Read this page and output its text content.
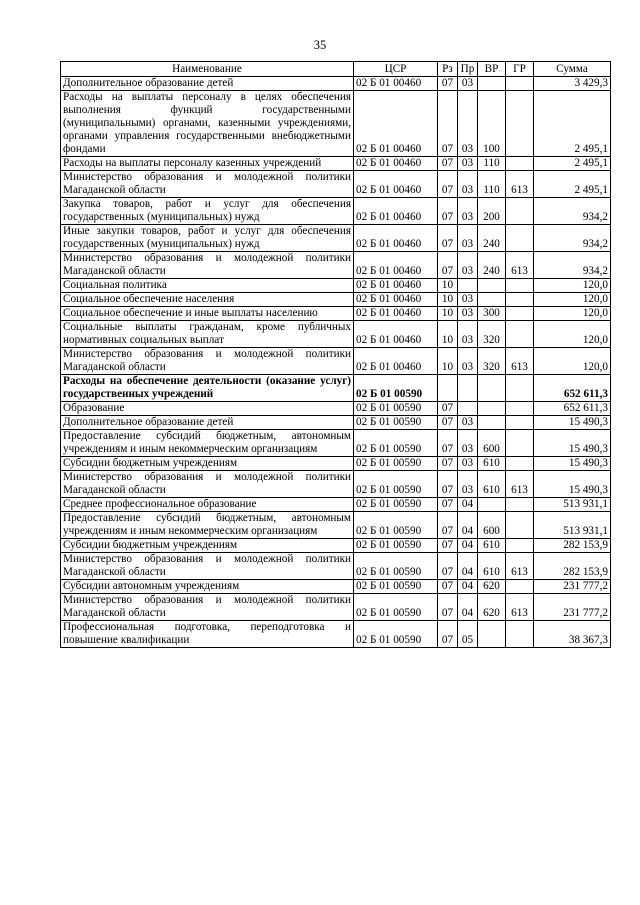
35
Наименование	ЦСР	Рз	Пр	ВР	ГР	Сумма
Дополнительное образование детей	02 Б 01 00460	07	03			3 429,3
Расходы на выплаты персоналу в целях обеспечения выполнения функций государственными (муниципальными) органами, казенными учреждениями, органами управления государственными внебюджетными фондами	02 Б 01 00460	07	03	100		2 495,1
Расходы на выплаты персоналу казенных учреждений	02 Б 01 00460	07	03	110		2 495,1
Министерство образования и молодежной политики Магаданской области	02 Б 01 00460	07	03	110	613	2 495,1
Закупка товаров, работ и услуг для обеспечения государственных (муниципальных) нужд	02 Б 01 00460	07	03	200		934,2
Иные закупки товаров, работ и услуг для обеспечения государственных (муниципальных) нужд	02 Б 01 00460	07	03	240		934,2
Министерство образования и молодежной политики Магаданской области	02 Б 01 00460	07	03	240	613	934,2
Социальная политика	02 Б 01 00460	10				120,0
Социальное обеспечение населения	02 Б 01 00460	10	03			120,0
Социальное обеспечение и иные выплаты населению	02 Б 01 00460	10	03	300		120,0
Социальные выплаты гражданам, кроме публичных нормативных социальных выплат	02 Б 01 00460	10	03	320		120,0
Министерство образования и молодежной политики Магаданской области	02 Б 01 00460	10	03	320	613	120,0
Расходы на обеспечение деятельности (оказание услуг) государственных учреждений	02 Б 01 00590					652 611,3
Образование	02 Б 01 00590	07				652 611,3
Дополнительное образование детей	02 Б 01 00590	07	03			15 490,3
Предоставление субсидий бюджетным, автономным учреждениям и иным некоммерческим организациям	02 Б 01 00590	07	03	600		15 490,3
Субсидии бюджетным учреждениям	02 Б 01 00590	07	03	610		15 490,3
Министерство образования и молодежной политики Магаданской области	02 Б 01 00590	07	03	610	613	15 490,3
Среднее профессиональное образование	02 Б 01 00590	07	04			513 931,1
Предоставление субсидий бюджетным, автономным учреждениям и иным некоммерческим организациям	02 Б 01 00590	07	04	600		513 931,1
Субсидии бюджетным учреждениям	02 Б 01 00590	07	04	610		282 153,9
Министерство образования и молодежной политики Магаданской области	02 Б 01 00590	07	04	610	613	282 153,9
Субсидии автономным учреждениям	02 Б 01 00590	07	04	620		231 777,2
Министерство образования и молодежной политики Магаданской области	02 Б 01 00590	07	04	620	613	231 777,2
Профессиональная подготовка, переподготовка и повышение квалификации	02 Б 01 00590	07	05			38 367,3
